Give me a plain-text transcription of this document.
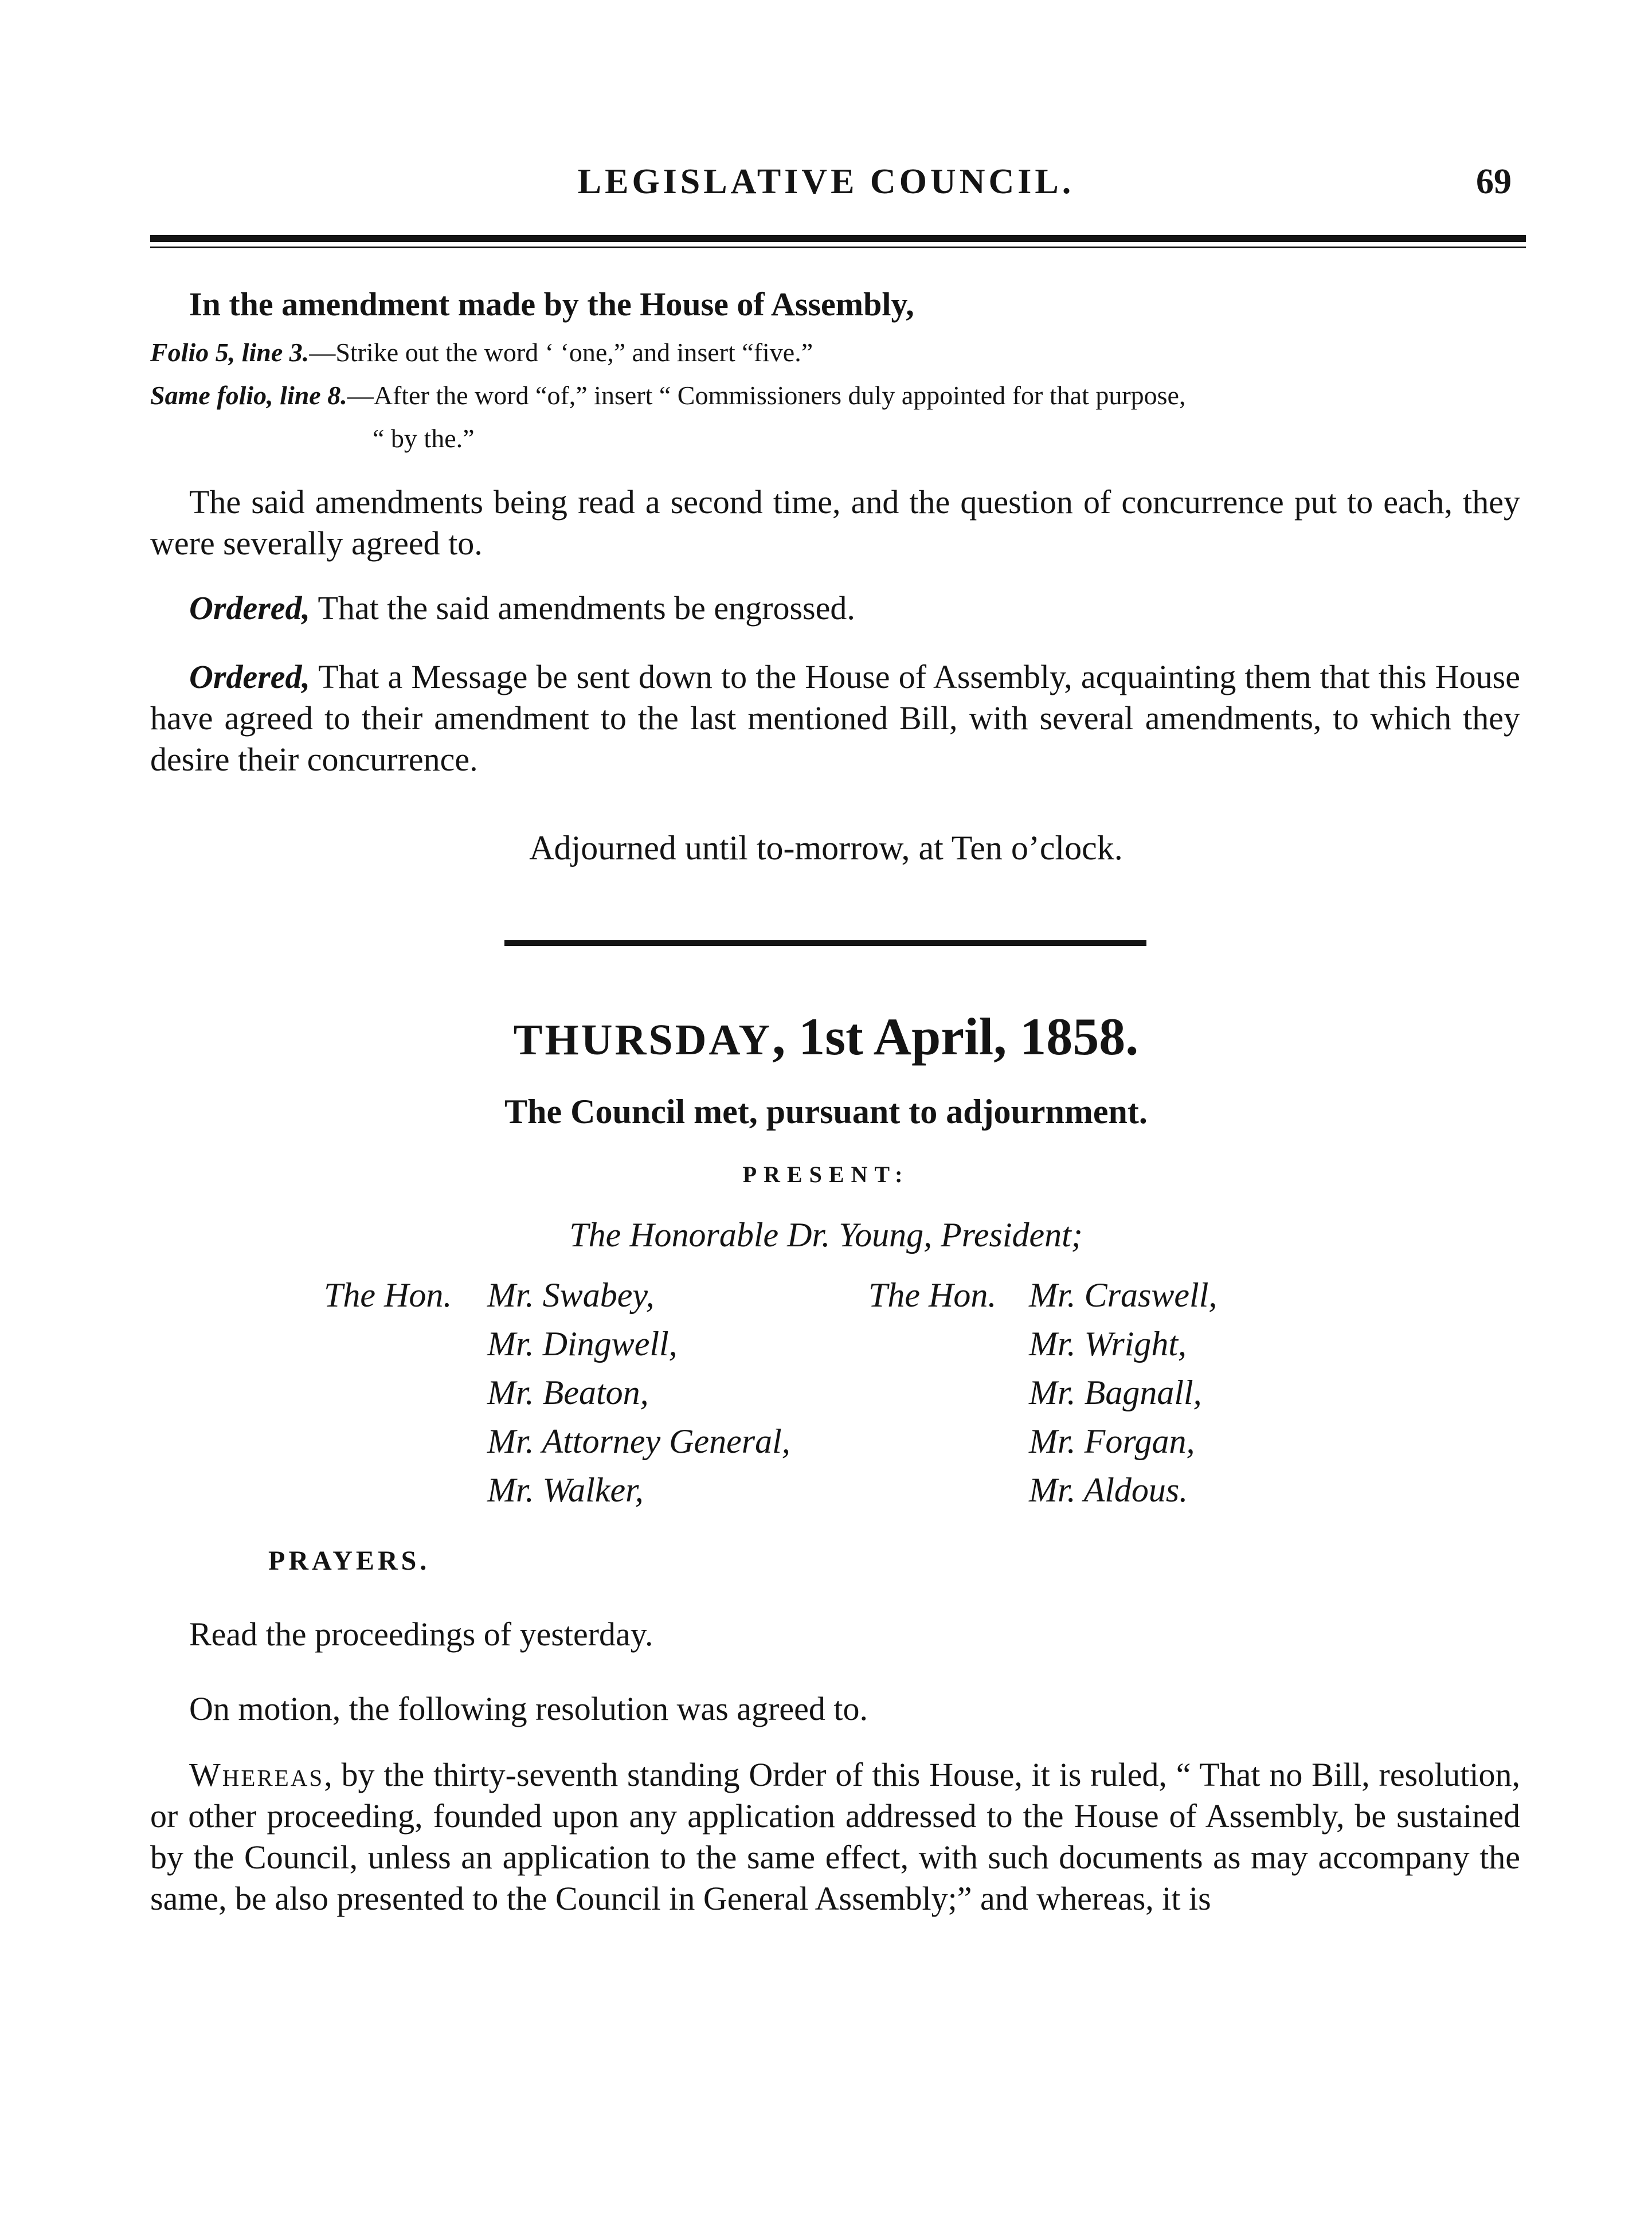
LEGISLATIVE COUNCIL.	69
In the amendment made by the House of Assembly,
Folio 5, line 3.—Strike out the word ‘ ‘one,” and insert “five.”
Same folio, line 8.—After the word “of,” insert “ Commissioners duly appointed for that purpose,
“ by the.”
The said amendments being read a second time, and the question of concurrence put to each, they were severally agreed to.
Ordered, That the said amendments be engrossed.
Ordered, That a Message be sent down to the House of Assembly, acquainting them that this House have agreed to their amendment to the last mentioned Bill, with several amendments, to which they desire their concurrence.
Adjourned until to-morrow, at Ten o’clock.
THURSDAY, 1st April, 1858.
The Council met, pursuant to adjournment.
PRESENT:
The Honorable Dr. Young, President;
The Hon.	The Hon.
Mr. Swabey,
Mr. Dingwell,
Mr. Beaton,
Mr. Attorney General,
Mr. Walker,
Mr. Craswell,
Mr. Wright,
Mr. Bagnall,
Mr. Forgan,
Mr. Aldous.
PRAYERS.
Read the proceedings of yesterday.
On motion, the following resolution was agreed to.
Whereas, by the thirty-seventh standing Order of this House, it is ruled, “ That no Bill, resolution, or other proceeding, founded upon any application addressed to the House of Assembly, be sustained by the Council, unless an application to the same effect, with such documents as may accompany the same, be also presented to the Council in General Assembly;” and whereas, it is
